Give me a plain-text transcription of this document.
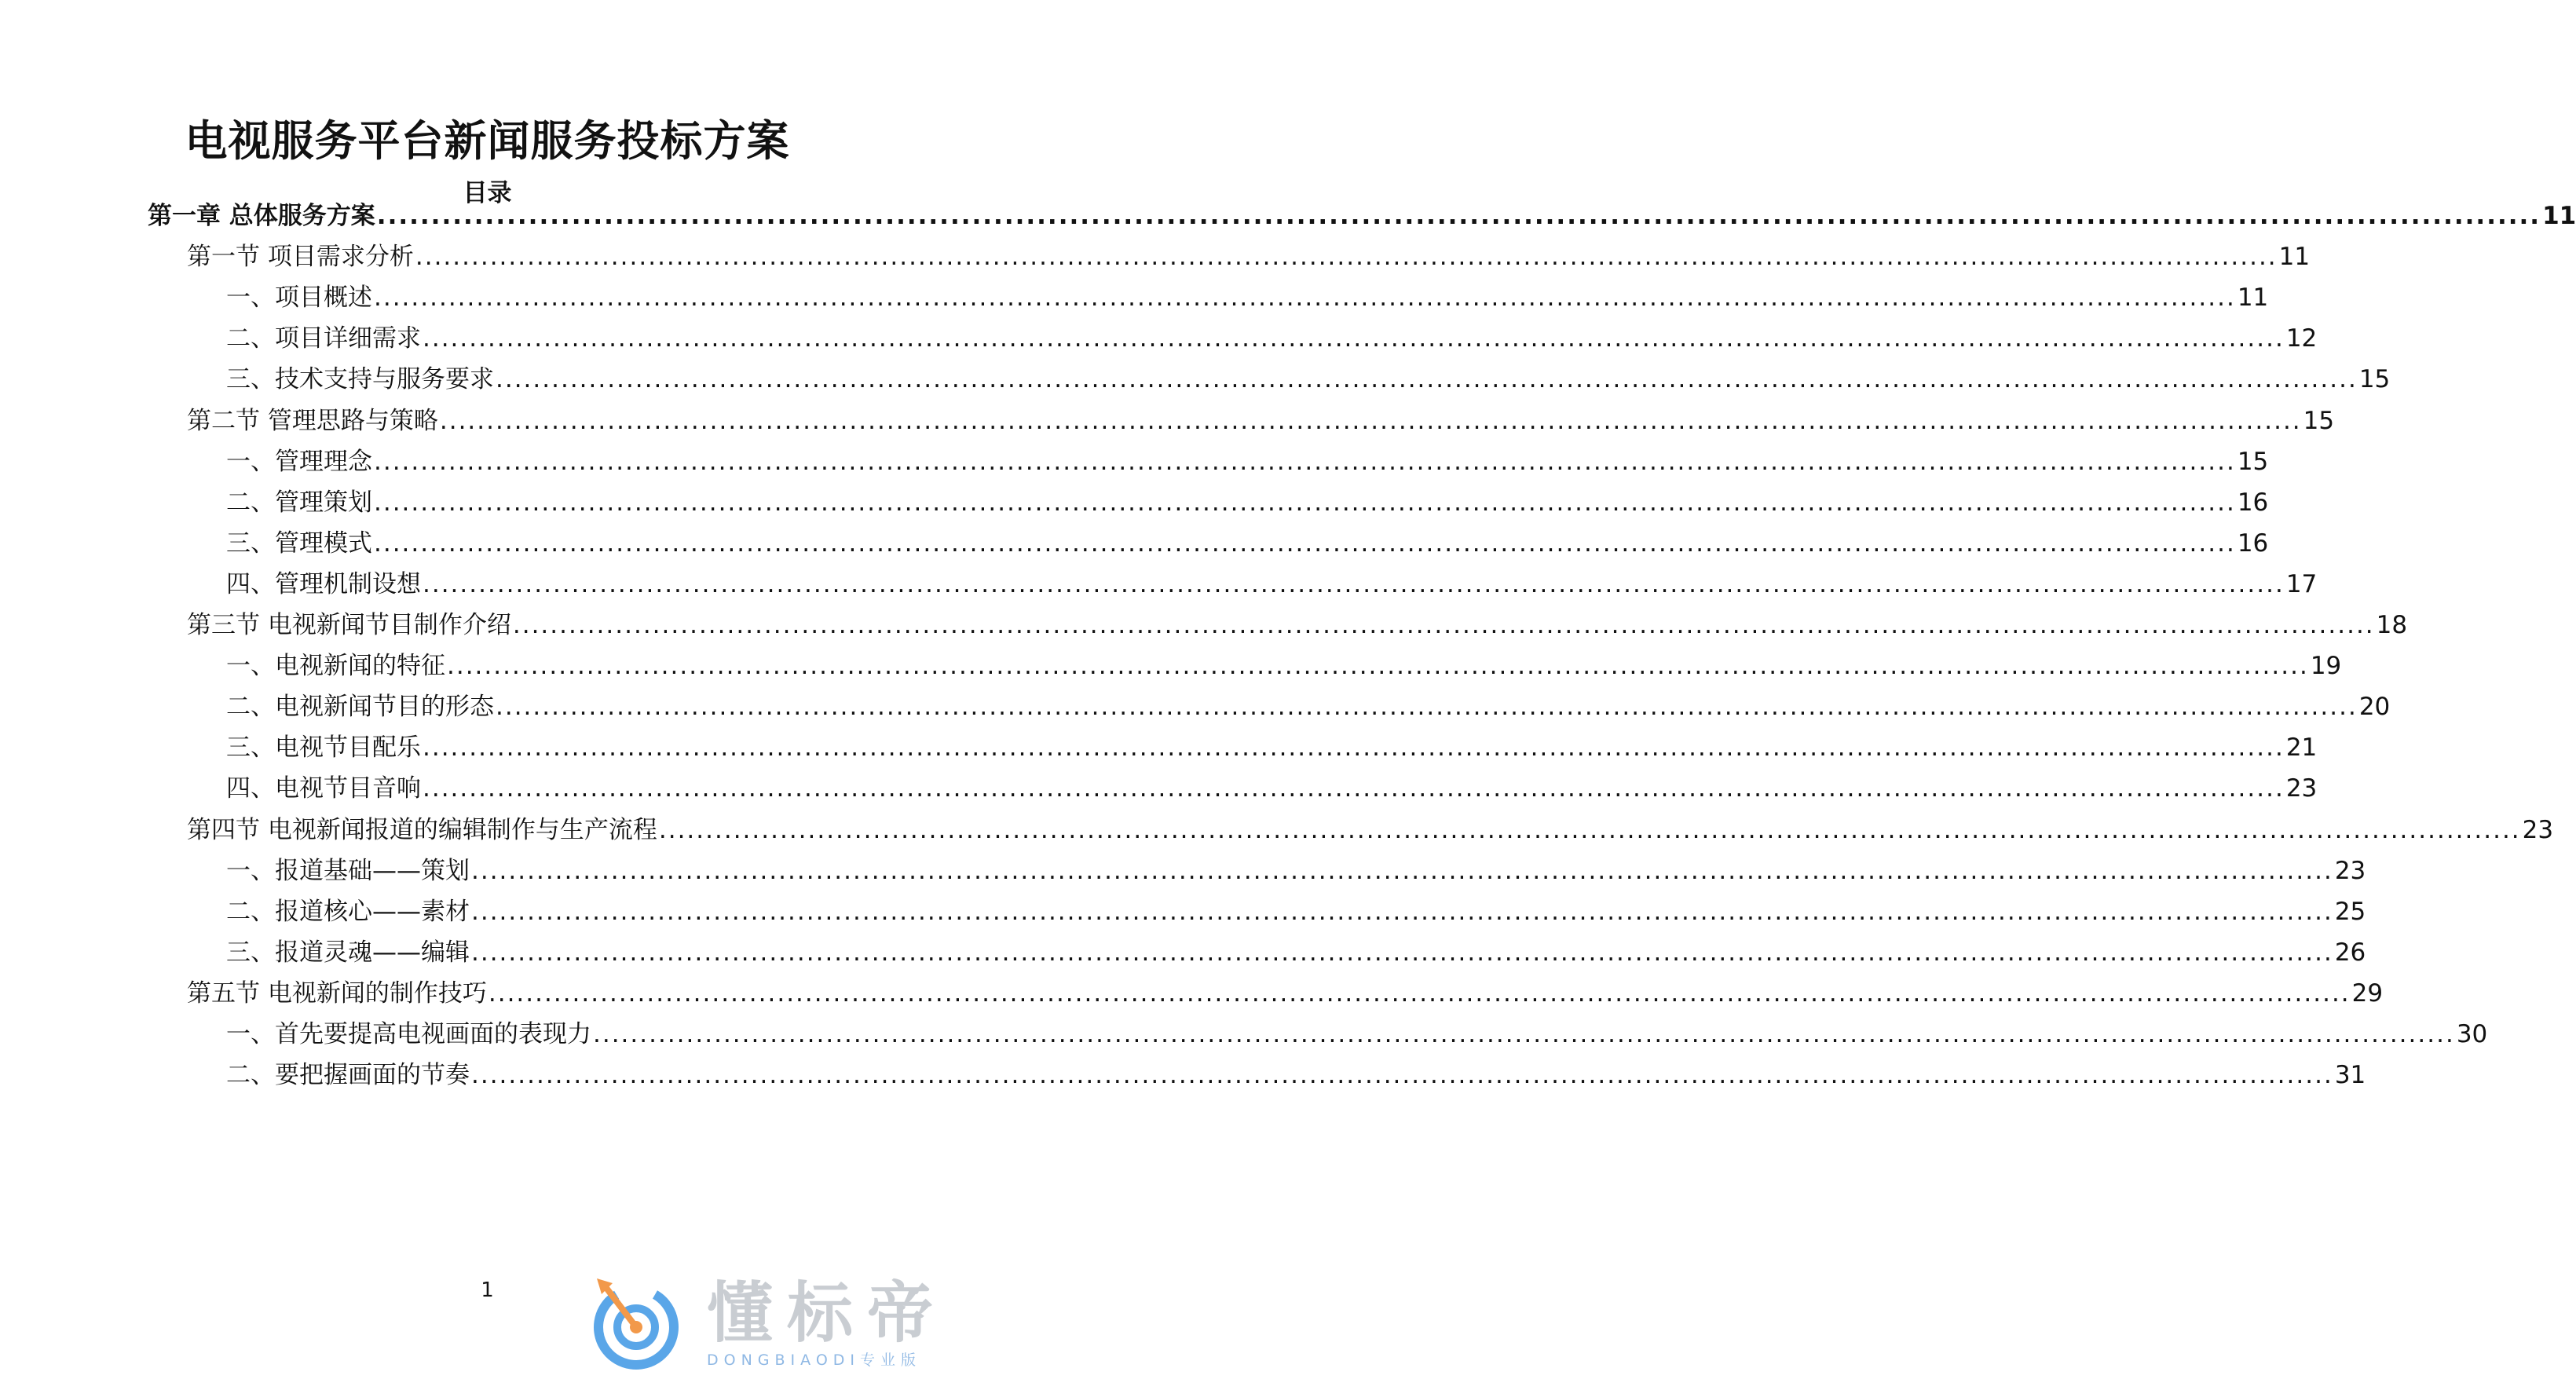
电视服务平台新闻服务投标方案
目录
第一章 总体服务方案 ........................................................................................................................................................................................................ 11
第一节 项目需求分析 ........................................................................................................................................................................................................ 11
一、项目概述 ........................................................................................................................................................................................................ 11
二、项目详细需求 ........................................................................................................................................................................................................ 12
三、技术支持与服务要求 ........................................................................................................................................................................................................ 15
第二节 管理思路与策略 ........................................................................................................................................................................................................ 15
一、管理理念 ........................................................................................................................................................................................................ 15
二、管理策划 ........................................................................................................................................................................................................ 16
三、管理模式 ........................................................................................................................................................................................................ 16
四、管理机制设想 ........................................................................................................................................................................................................ 17
第三节 电视新闻节目制作介绍 ........................................................................................................................................................................................................ 18
一、电视新闻的特征 ........................................................................................................................................................................................................ 19
二、电视新闻节目的形态 ........................................................................................................................................................................................................ 20
三、电视节目配乐 ........................................................................................................................................................................................................ 21
四、电视节目音响 ........................................................................................................................................................................................................ 23
第四节 电视新闻报道的编辑制作与生产流程 ........................................................................................................................................................................................................ 23
一、报道基础——策划 ........................................................................................................................................................................................................ 23
二、报道核心——素材 ........................................................................................................................................................................................................ 25
三、报道灵魂——编辑 ........................................................................................................................................................................................................ 26
第五节 电视新闻的制作技巧 ........................................................................................................................................................................................................ 29
一、首先要提高电视画面的表现力 ........................................................................................................................................................................................................ 30
二、要把握画面的节奏 ........................................................................................................................................................................................................ 31
1	懂标帝
DONGBIAODI专业版
